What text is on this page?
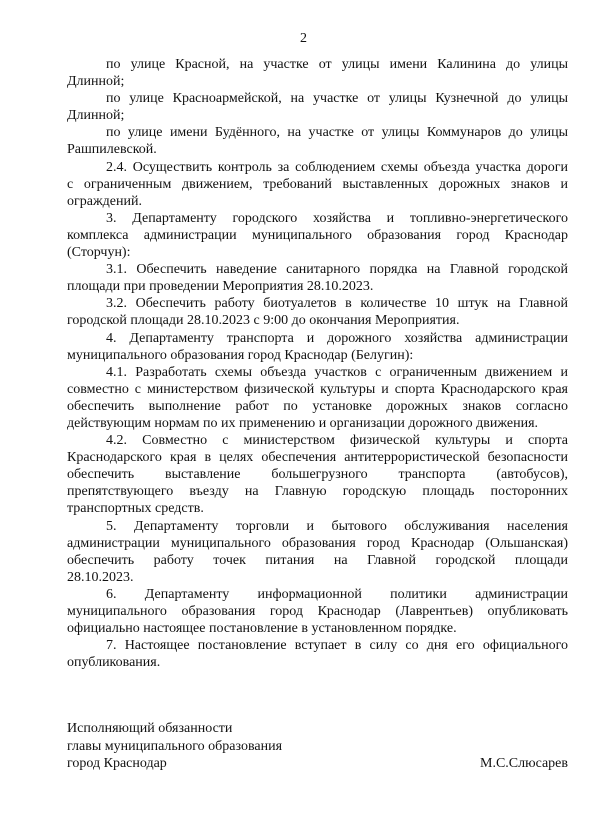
2
по улице Красной, на участке от улицы имени Калинина до улицы
Длинной;
по улице Красноармейской, на участке от улицы Кузнечной до улицы
Длинной;
по улице имени Будённого, на участке от улицы Коммунаров до улицы
Рашпилевской.
2.4. Осуществить контроль за соблюдением схемы объезда участка дороги
с ограниченным движением, требований выставленных дорожных знаков и
ограждений.
3. Департаменту городского хозяйства и топливно-энергетического
комплекса администрации муниципального образования город Краснодар
(Сторчун):
3.1. Обеспечить наведение санитарного порядка на Главной городской
площади при проведении Мероприятия 28.10.2023.
3.2. Обеспечить работу биотуалетов в количестве 10 штук на Главной
городской площади 28.10.2023 с 9:00 до окончания Мероприятия.
4. Департаменту транспорта и дорожного хозяйства администрации
муниципального образования город Краснодар (Белугин):
4.1. Разработать схемы объезда участков с ограниченным движением и
совместно с министерством физической культуры и спорта Краснодарского края
обеспечить выполнение работ по установке дорожных знаков согласно
действующим нормам по их применению и организации дорожного движения.
4.2. Совместно с министерством физической культуры и спорта
Краснодарского края в целях обеспечения антитеррористической безопасности
обеспечить выставление большегрузного транспорта (автобусов),
препятствующего въезду на Главную городскую площадь посторонних
транспортных средств.
5. Департаменту торговли и бытового обслуживания населения
администрации муниципального образования город Краснодар (Ольшанская)
обеспечить работу точек питания на Главной городской площади
28.10.2023.
6. Департаменту информационной политики администрации
муниципального образования город Краснодар (Лаврентьев) опубликовать
официально настоящее постановление в установленном порядке.
7. Настоящее постановление вступает в силу со дня его официального
опубликования.
Исполняющий обязанности
главы муниципального образования
город Краснодар	М.С.Слюсарев
